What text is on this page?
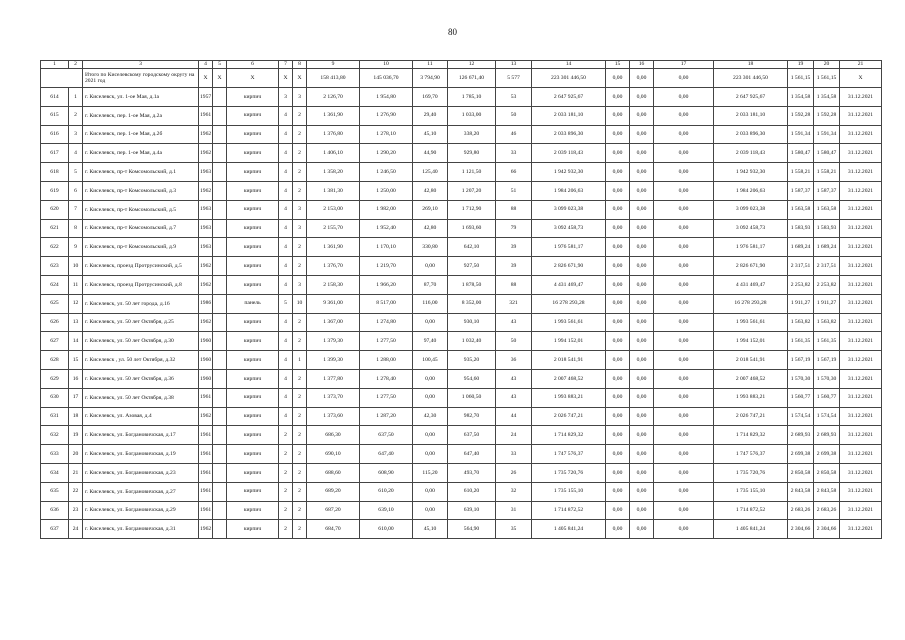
80
1	2	3	4	5	6	7	8	9	10	11	12	13	14	15	16	17	18	19	20	21
		Итого по Киселевскому городскому округу на 2021 год	X	X	X	X	X	158 413,80	145 036,70	3 794,90	126 671,40	5 577	223 301 446,50	0,00	0,00	0,00	223 301 446,50	1 561,15	1 561,15	X
614	1	г. Киселевск, ул. 1-ое Мая, д.1а	1957		кирпич	3	3	2 126,70	1 954,80	169,70	1 785,10	53	2 647 925,67	0,00	0,00	0,00	2 647 925,67	1 354,58	1 354,58	31.12.2021
615	2	г. Киселевск, пер. 1-ое Мая, д.2а	1961		кирпич	4	2	1 361,90	1 276,90	29,40	1 033,00	50	2 033 181,10	0,00	0,00	0,00	2 033 181,10	1 592,28	1 592,28	31.12.2021
616	3	г. Киселевск, пер. 1-ое Мая, д.2б	1962		кирпич	4	2	1 376,80	1 278,10	45,10	338,20	46	2 033 896,30	0,00	0,00	0,00	2 033 896,30	1 591,34	1 591,34	31.12.2021
617	4	г. Киселевск, пер. 1-ое Мая, д.4а	1962		кирпич	4	2	1 406,10	1 290,20	44,90	929,80	33	2 039 118,43	0,00	0,00	0,00	2 039 118,43	1 580,47	1 580,47	31.12.2021
618	5	г. Киселевск, пр-т Комсомольский, д.1	1963		кирпич	4	2	1 358,20	1 246,50	125,40	1 121,50	66	1 942 932,30	0,00	0,00	0,00	1 942 932,30	1 558,21	1 558,21	31.12.2021
619	6	г. Киселевск, пр-т Комсомольский, д.3	1962		кирпич	4	2	1 381,30	1 250,00	42,80	1 207,20	51	1 984 206,63	0,00	0,00	0,00	1 984 206,63	1 587,37	1 587,37	31.12.2021
620	7	г. Киселевск, пр-т Комсомольский, д.5	1963		кирпич	4	3	2 153,00	1 982,00	269,10	1 712,90	88	3 099 023,38	0,00	0,00	0,00	3 099 023,38	1 563,58	1 563,58	31.12.2021
621	8	г. Киселевск, пр-т Комсомольский, д.7	1963		кирпич	4	3	2 155,70	1 952,40	42,80	1 693,60	79	3 092 458,73	0,00	0,00	0,00	3 092 458,73	1 583,93	1 583,93	31.12.2021
622	9	г. Киселевск, пр-т Комсомольский, д.9	1963		кирпич	4	2	1 361,90	1 170,10	330,80	642,10	39	1 976 581,17	0,00	0,00	0,00	1 976 581,17	1 689,24	1 689,24	31.12.2021
623	10	г. Киселевск, проезд Протрусинский, д.5	1962		кирпич	4	2	1 376,70	1 219,70	0,00	927,50	39	2 826 671,90	0,00	0,00	0,00	2 826 671,90	2 317,51	2 317,51	31.12.2021
624	11	г. Киселевск, проезд Протрусинский, д.8	1962		кирпич	4	3	2 158,30	1 966,20	87,70	1 878,50	88	4 431 469,47	0,00	0,00	0,00	4 431 469,47	2 253,82	2 253,82	31.12.2021
625	12	г. Киселевск, ул. 50 лет города, д.16	1986		панель	5	10	9 361,00	8 517,00	116,00	8 352,00	321	16 278 293,28	0,00	0,00	0,00	16 278 293,28	1 911,27	1 911,27	31.12.2021
626	13	г. Киселевск, ул. 50 лет Октября, д.25	1962		кирпич	4	2	1 367,00	1 274,80	0,00	930,10	43	1 993 561,61	0,00	0,00	0,00	1 993 561,61	1 563,82	1 563,82	31.12.2021
627	14	г. Киселевск, ул. 50 лет Октября, д.30	1960		кирпич	4	2	1 379,30	1 277,50	97,40	1 032,40	50	1 994 152,01	0,00	0,00	0,00	1 994 152,01	1 561,35	1 561,35	31.12.2021
628	15	г. Киселевск , ул. 50 лет Октября, д.32	1960		кирпич	4	1	1 399,30	1 288,00	100,45	935,20	36	2 018 541,91	0,00	0,00	0,00	2 018 541,91	1 567,19	1 567,19	31.12.2021
629	16	г. Киселевск, ул. 50 лет Октября, д.36	1960		кирпич	4	2	1 377,80	1 278,40	0,00	954,60	43	2 007 468,52	0,00	0,00	0,00	2 007 468,52	1 570,30	1 570,30	31.12.2021
630	17	г. Киселевск, ул. 50 лет Октября, д.38	1961		кирпич	4	2	1 373,70	1 277,50	0,00	1 060,50	43	1 993 883,21	0,00	0,00	0,00	1 993 883,21	1 560,77	1 560,77	31.12.2021
631	18	г. Киселевск, ул. Азовая, д.4	1962		кирпич	4	2	1 373,60	1 287,20	42,30	982,70	44	2 026 747,21	0,00	0,00	0,00	2 026 747,21	1 574,54	1 574,54	31.12.2021
632	19	г. Киселевск, ул. Богдановичская, д.17	1961		кирпич	2	2	686,30	637,50	0,00	637,50	24	1 714 829,32	0,00	0,00	0,00	1 714 829,32	2 689,93	2 689,93	31.12.2021
633	20	г. Киселевск, ул. Богдановичская, д.19	1961		кирпич	2	2	690,10	647,40	0,00	647,40	33	1 747 576,37	0,00	0,00	0,00	1 747 576,37	2 699,38	2 699,38	31.12.2021
634	21	г. Киселевск, ул. Богдановичская, д.23	1961		кирпич	2	2	688,60	608,90	115,20	493,70	26	1 735 720,76	0,00	0,00	0,00	1 735 720,76	2 850,58	2 850,58	31.12.2021
635	22	г. Киселевск, ул. Богдановичская, д.27	1961		кирпич	2	2	689,20	610,20	0,00	610,20	32	1 735 155,10	0,00	0,00	0,00	1 735 155,10	2 843,58	2 843,58	31.12.2021
636	23	г. Киселевск, ул. Богдановичская, д.29	1961		кирпич	2	2	687,20	639,10	0,00	639,10	31	1 714 872,52	0,00	0,00	0,00	1 714 872,52	2 683,26	2 683,26	31.12.2021
637	24	г. Киселевск, ул. Богдановичская, д.31	1962		кирпич	2	2	684,70	610,00	45,10	564,90	35	1 405 841,24	0,00	0,00	0,00	1 405 841,24	2 304,66	2 304,66	31.12.2021
